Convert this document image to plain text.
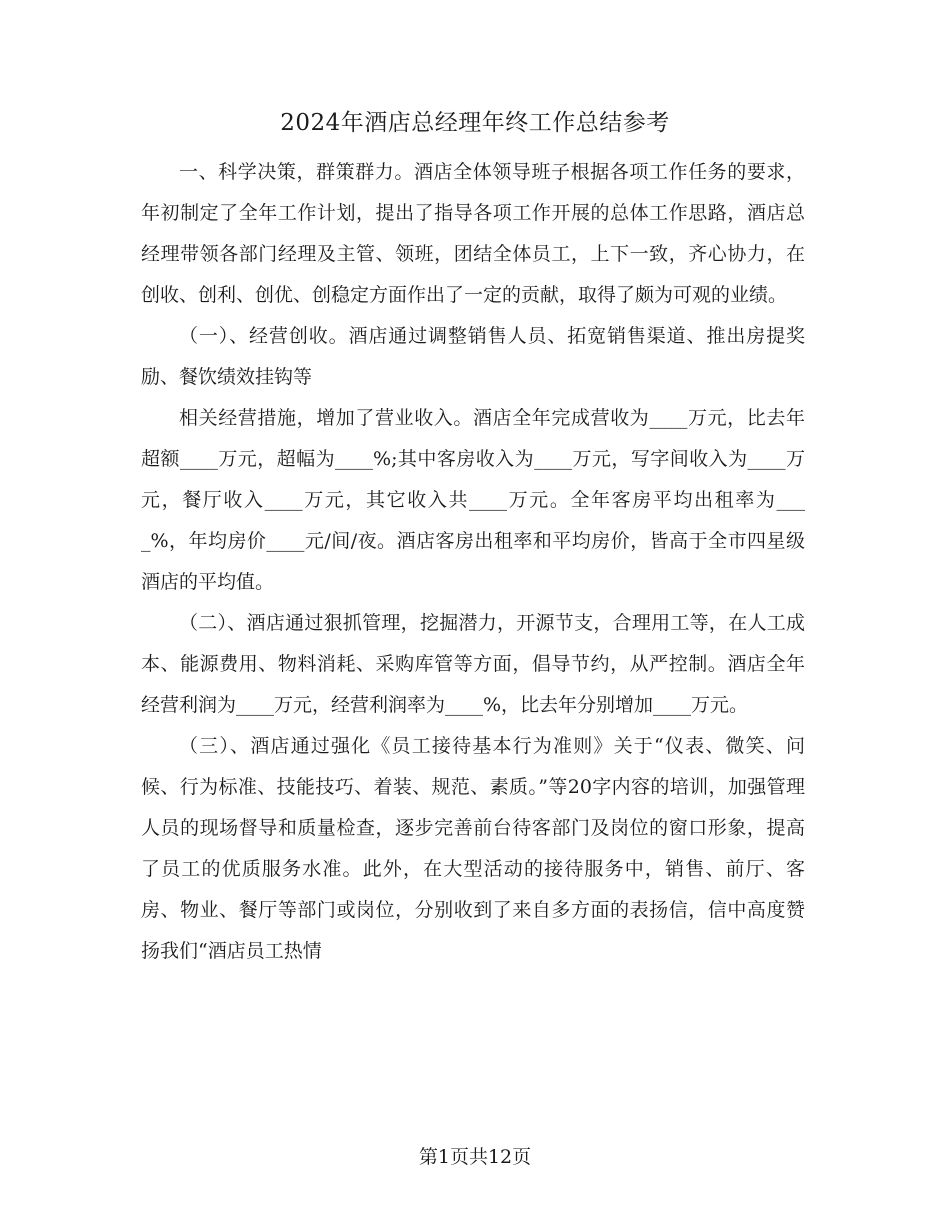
2024年酒店总经理年终工作总结参考

一、科学决策，群策群力。酒店全体领导班子根据各项工作任务的要求，年初制定了全年工作计划，提出了指导各项工作开展的总体工作思路，酒店总经理带领各部门经理及主管、领班，团结全体员工，上下一致，齐心协力，在创收、创利、创优、创稳定方面作出了一定的贡献，取得了颇为可观的业绩。

（一）、经营创收。酒店通过调整销售人员、拓宽销售渠道、推出房提奖励、餐饮绩效挂钩等

相关经营措施，增加了营业收入。酒店全年完成营收为____万元，比去年超额____万元，超幅为____%;其中客房收入为____万元，写字间收入为____万元，餐厅收入____万元，其它收入共____万元。全年客房平均出租率为____%，年均房价____元/间/夜。酒店客房出租率和平均房价，皆高于全市四星级酒店的平均值。

（二）、酒店通过狠抓管理，挖掘潜力，开源节支，合理用工等，在人工成本、能源费用、物料消耗、采购库管等方面，倡导节约，从严控制。酒店全年经营利润为____万元，经营利润率为____%，比去年分别增加____万元。

（三）、酒店通过强化《员工接待基本行为准则》关于“仪表、微笑、问候、行为标准、技能技巧、着装、规范、素质。”等20字内容的培训，加强管理人员的现场督导和质量检查，逐步完善前台待客部门及岗位的窗口形象，提高了员工的优质服务水准。此外，在大型活动的接待服务中，销售、前厅、客房、物业、餐厅等部门或岗位，分别收到了来自多方面的表扬信，信中高度赞扬我们“酒店员工热情

第1页共12页
